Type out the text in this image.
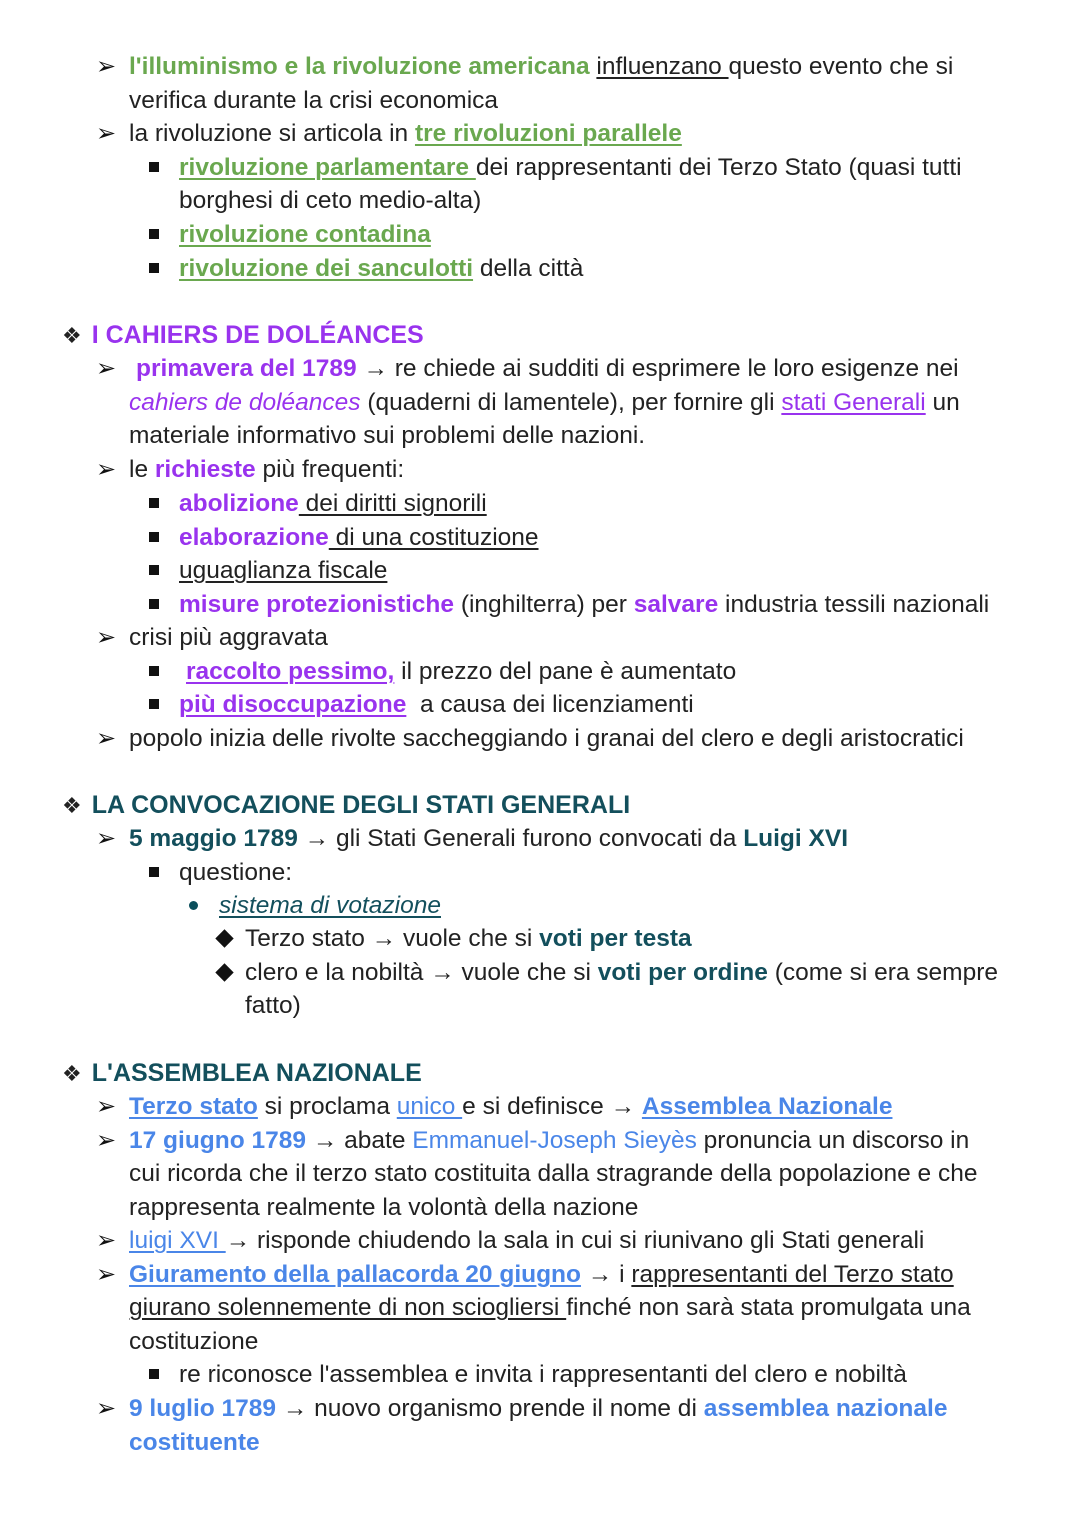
➢ l'illuminismo e la rivoluzione americana influenzano questo evento che si
verifica durante la crisi economica
➢ la rivoluzione si articola in tre rivoluzioni parallele
rivoluzione parlamentare dei rappresentanti dei Terzo Stato (quasi tutti
borghesi di ceto medio-alta)
rivoluzione contadina
rivoluzione dei sanculotti della città
❖ I CAHIERS DE DOLÉANCES
➢ primavera del 1789 → re chiede ai sudditi di esprimere le loro esigenze nei
cahiers de doléances (quaderni di lamentele), per fornire gli stati Generali un
materiale informativo sui problemi delle nazioni.
➢ le richieste più frequenti:
abolizione dei diritti signorili
elaborazione di una costituzione
uguaglianza fiscale
misure protezionistiche (inghilterra) per salvare industria tessili nazionali
➢ crisi più aggravata
raccolto pessimo, il prezzo del pane è aumentato
più disoccupazione  a causa dei licenziamenti
➢ popolo inizia delle rivolte saccheggiando i granai del clero e degli aristocratici
❖ LA CONVOCAZIONE DEGLI STATI GENERALI
➢ 5 maggio 1789 → gli Stati Generali furono convocati da Luigi XVI
questione:
sistema di votazione
Terzo stato → vuole che si voti per testa
clero e la nobiltà → vuole che si voti per ordine (come si era sempre
fatto)
❖ L'ASSEMBLEA NAZIONALE
➢ Terzo stato si proclama unico e si definisce → Assemblea Nazionale
➢ 17 giugno 1789 → abate Emmanuel-Joseph Sieyès pronuncia un discorso in
cui ricorda che il terzo stato costituita dalla stragrande della popolazione e che
rappresenta realmente la volontà della nazione
➢ luigi XVI → risponde chiudendo la sala in cui si riunivano gli Stati generali
➢ Giuramento della pallacorda 20 giugno → i rappresentanti del Terzo stato
giurano solennemente di non sciogliersi finché non sarà stata promulgata una
costituzione
re riconosce l'assemblea e invita i rappresentanti del clero e nobiltà
➢ 9 luglio 1789 → nuovo organismo prende il nome di assemblea nazionale
costituente
